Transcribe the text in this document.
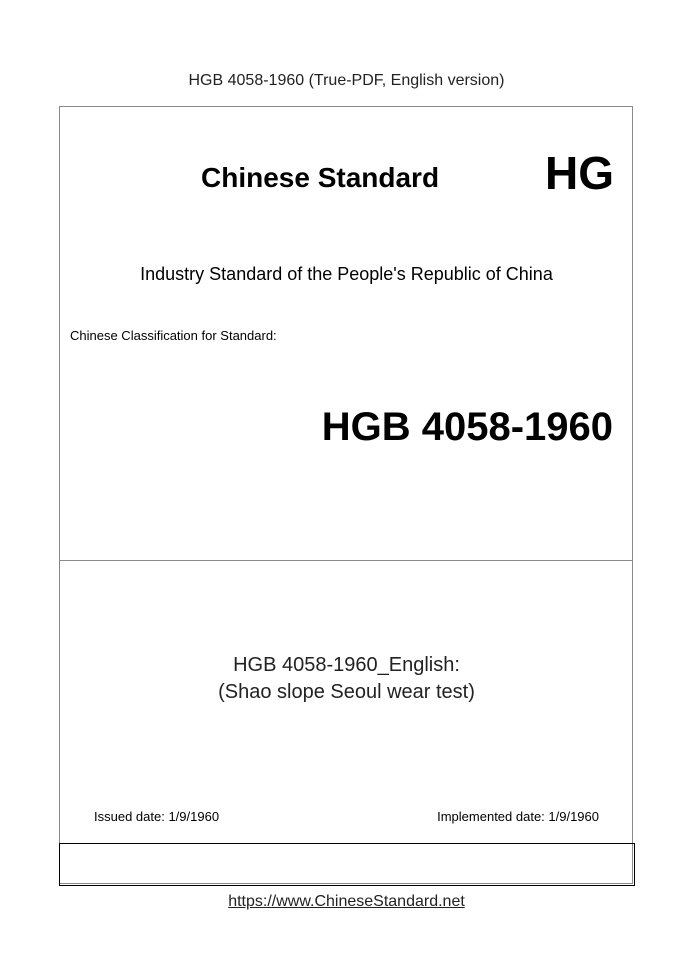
HGB 4058-1960 (True-PDF, English version)
Chinese Standard HG
Industry Standard of the People's Republic of China
Chinese Classification for Standard:
HGB 4058-1960
HGB 4058-1960_English:
(Shao slope Seoul wear test)
Issued date: 1/9/1960	Implemented date: 1/9/1960
https://www.ChineseStandard.net
